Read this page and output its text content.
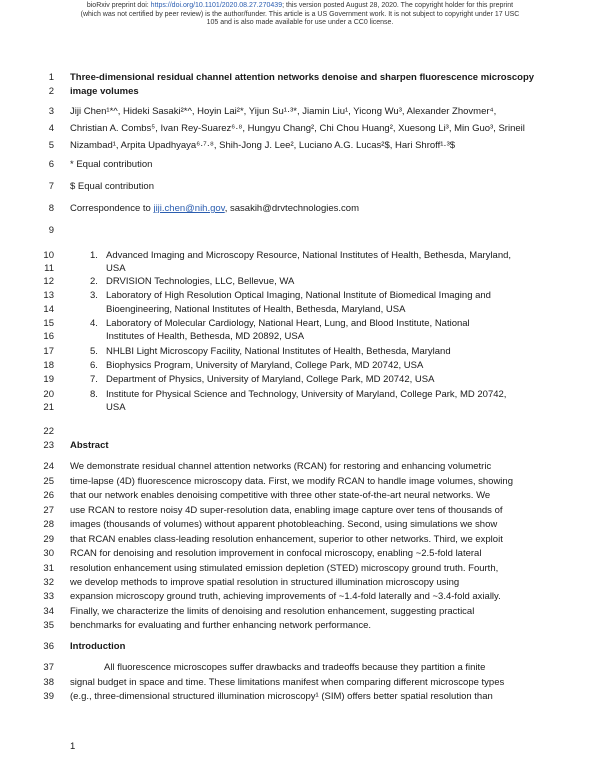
bioRxiv preprint doi: https://doi.org/10.1101/2020.08.27.270439; this version posted August 28, 2020. The copyright holder for this preprint
(which was not certified by peer review) is the author/funder. This article is a US Government work. It is not subject to copyright under 17 USC
105 and is also made available for use under a CC0 license.
1
2
3
4
5
6
7
8
9
10
11
12
13
14
15
16
17
18
19
20
21
22
23
24
25
26
27
28
29
30
31
32
33
34
35
36
37
38
39
Three-dimensional residual channel attention networks denoise and sharpen fluorescence microscopy
image volumes
Jiji Chen¹*^, Hideki Sasaki²*^, Hoyin Lai²*, Yijun Su¹·³*, Jiamin Liu¹, Yicong Wu³, Alexander Zhovmer⁴,
Christian A. Combs⁵, Ivan Rey-Suarez⁶·⁸, Hungyu Chang², Chi Chou Huang², Xuesong Li³, Min Guo³, Srineil
Nizambad¹, Arpita Upadhyaya⁶·⁷·⁸, Shih-Jong J. Lee², Luciano A.G. Lucas²$, Hari Shroff¹·³$
* Equal contribution
$ Equal contribution
Correspondence to jiji.chen@nih.gov, sasakih@drvtechnologies.com
1. Advanced Imaging and Microscopy Resource, National Institutes of Health, Bethesda, Maryland,
USA
2. DRVISION Technologies, LLC, Bellevue, WA
3. Laboratory of High Resolution Optical Imaging, National Institute of Biomedical Imaging and
Bioengineering, National Institutes of Health, Bethesda, Maryland, USA
4. Laboratory of Molecular Cardiology, National Heart, Lung, and Blood Institute, National
Institutes of Health, Bethesda, MD 20892, USA
5. NHLBI Light Microscopy Facility, National Institutes of Health, Bethesda, Maryland
6. Biophysics Program, University of Maryland, College Park, MD 20742, USA
7. Department of Physics, University of Maryland, College Park, MD 20742, USA
8. Institute for Physical Science and Technology, University of Maryland, College Park, MD 20742,
USA
Abstract
We demonstrate residual channel attention networks (RCAN) for restoring and enhancing volumetric
time-lapse (4D) fluorescence microscopy data. First, we modify RCAN to handle image volumes, showing
that our network enables denoising competitive with three other state-of-the-art neural networks. We
use RCAN to restore noisy 4D super-resolution data, enabling image capture over tens of thousands of
images (thousands of volumes) without apparent photobleaching. Second, using simulations we show
that RCAN enables class-leading resolution enhancement, superior to other networks. Third, we exploit
RCAN for denoising and resolution improvement in confocal microscopy, enabling ~2.5-fold lateral
resolution enhancement using stimulated emission depletion (STED) microscopy ground truth. Fourth,
we develop methods to improve spatial resolution in structured illumination microscopy using
expansion microscopy ground truth, achieving improvements of ~1.4-fold laterally and ~3.4-fold axially.
Finally, we characterize the limits of denoising and resolution enhancement, suggesting practical
benchmarks for evaluating and further enhancing network performance.
Introduction
All fluorescence microscopes suffer drawbacks and tradeoffs because they partition a finite
signal budget in space and time. These limitations manifest when comparing different microscope types
(e.g., three-dimensional structured illumination microscopy¹ (SIM) offers better spatial resolution than
1
